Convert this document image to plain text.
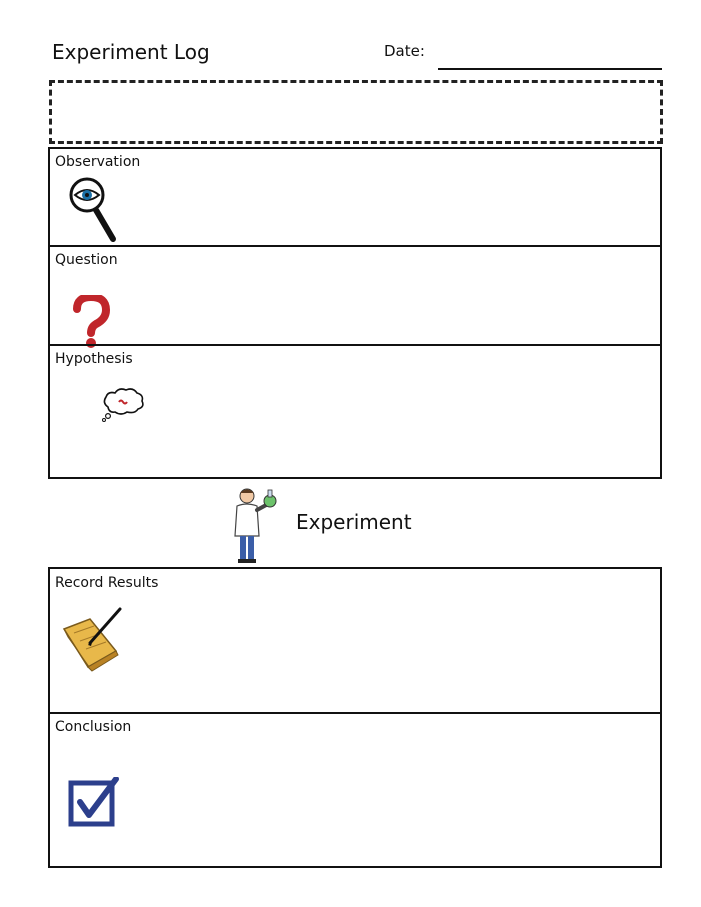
Experiment Log	Date:
Observation
Question
Hypothesis
Experiment
Record Results
Conclusion
